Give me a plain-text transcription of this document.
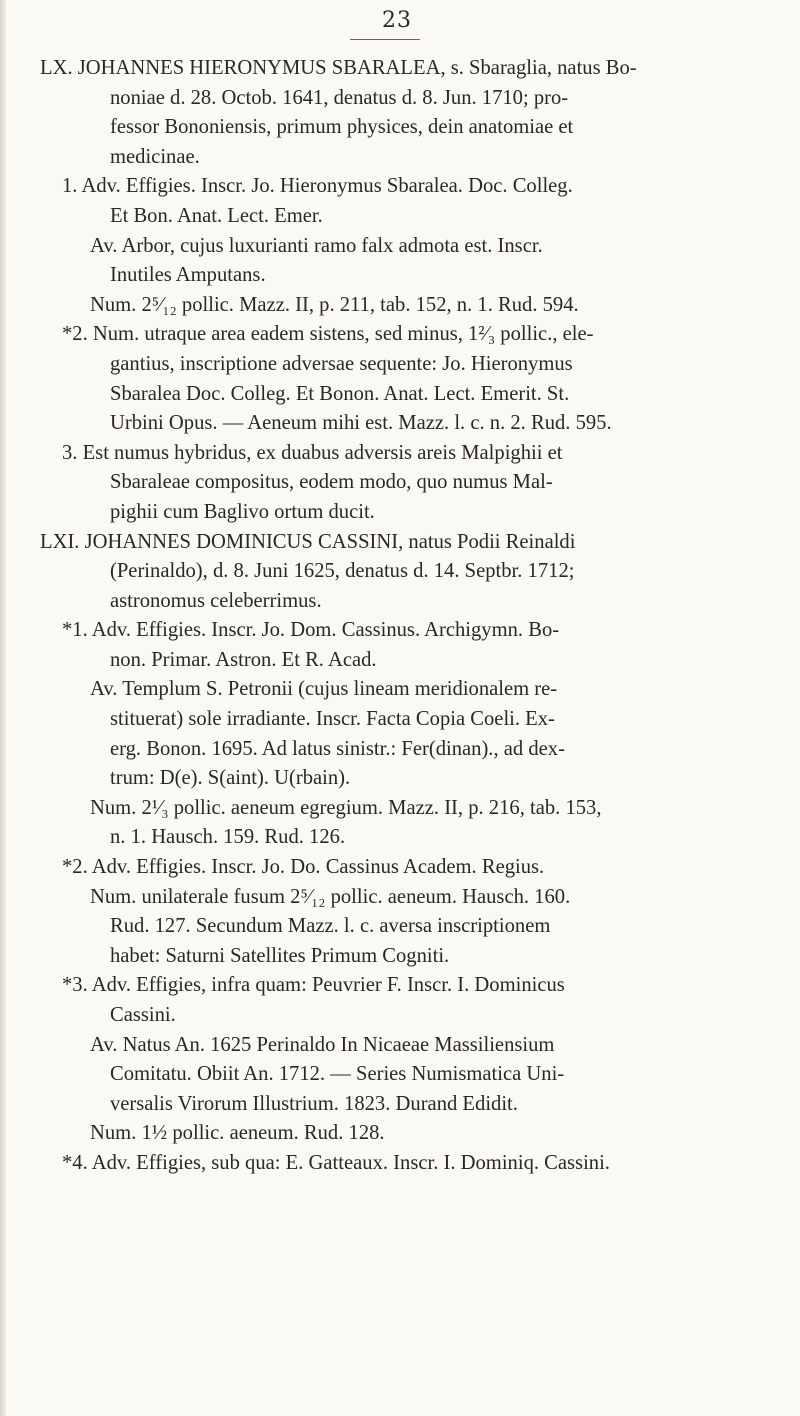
23
LX. JOHANNES HIERONYMUS SBARALEA, s. Sbaraglia, natus Bo-
noniae d. 28. Octob. 1641, denatus d. 8. Jun. 1710; pro-
fessor Bononiensis, primum physices, dein anatomiae et
medicinae.
1. Adv. Effigies. Inscr. Jo. Hieronymus Sbaralea. Doc. Colleg.
Et Bon. Anat. Lect. Emer.
Av. Arbor, cujus luxurianti ramo falx admota est. Inscr.
Inutiles Amputans.
Num. 2⁵⁄₁₂ pollic. Mazz. II, p. 211, tab. 152, n. 1. Rud. 594.
*2. Num. utraque area eadem sistens, sed minus, 1²⁄₃ pollic., ele-
gantius, inscriptione adversae sequente: Jo. Hieronymus
Sbaralea Doc. Colleg. Et Bonon. Anat. Lect. Emerit. St.
Urbini Opus. — Aeneum mihi est. Mazz. l. c. n. 2. Rud. 595.
3. Est numus hybridus, ex duabus adversis areis Malpighii et
Sbaraleae compositus, eodem modo, quo numus Mal-
pighii cum Baglivo ortum ducit.
LXI. JOHANNES DOMINICUS CASSINI, natus Podii Reinaldi
(Perinaldo), d. 8. Juni 1625, denatus d. 14. Septbr. 1712;
astronomus celeberrimus.
*1. Adv. Effigies. Inscr. Jo. Dom. Cassinus. Archigymn. Bo-
non. Primar. Astron. Et R. Acad.
Av. Templum S. Petronii (cujus lineam meridionalem re-
stituerat) sole irradiante. Inscr. Facta Copia Coeli. Ex-
erg. Bonon. 1695. Ad latus sinistr.: Fer(dinan)., ad dex-
trum: D(e). S(aint). U(rbain).
Num. 2¹⁄₃ pollic. aeneum egregium. Mazz. II, p. 216, tab. 153,
n. 1. Hausch. 159. Rud. 126.
*2. Adv. Effigies. Inscr. Jo. Do. Cassinus Academ. Regius.
Num. unilaterale fusum 2⁵⁄₁₂ pollic. aeneum. Hausch. 160.
Rud. 127. Secundum Mazz. l. c. aversa inscriptionem
habet: Saturni Satellites Primum Cogniti.
*3. Adv. Effigies, infra quam: Peuvrier F. Inscr. I. Dominicus
Cassini.
Av. Natus An. 1625 Perinaldo In Nicaeae Massiliensium
Comitatu. Obiit An. 1712. — Series Numismatica Uni-
versalis Virorum Illustrium. 1823. Durand Edidit.
Num. 1½ pollic. aeneum. Rud. 128.
*4. Adv. Effigies, sub qua: E. Gatteaux. Inscr. I. Dominiq. Cassini.
